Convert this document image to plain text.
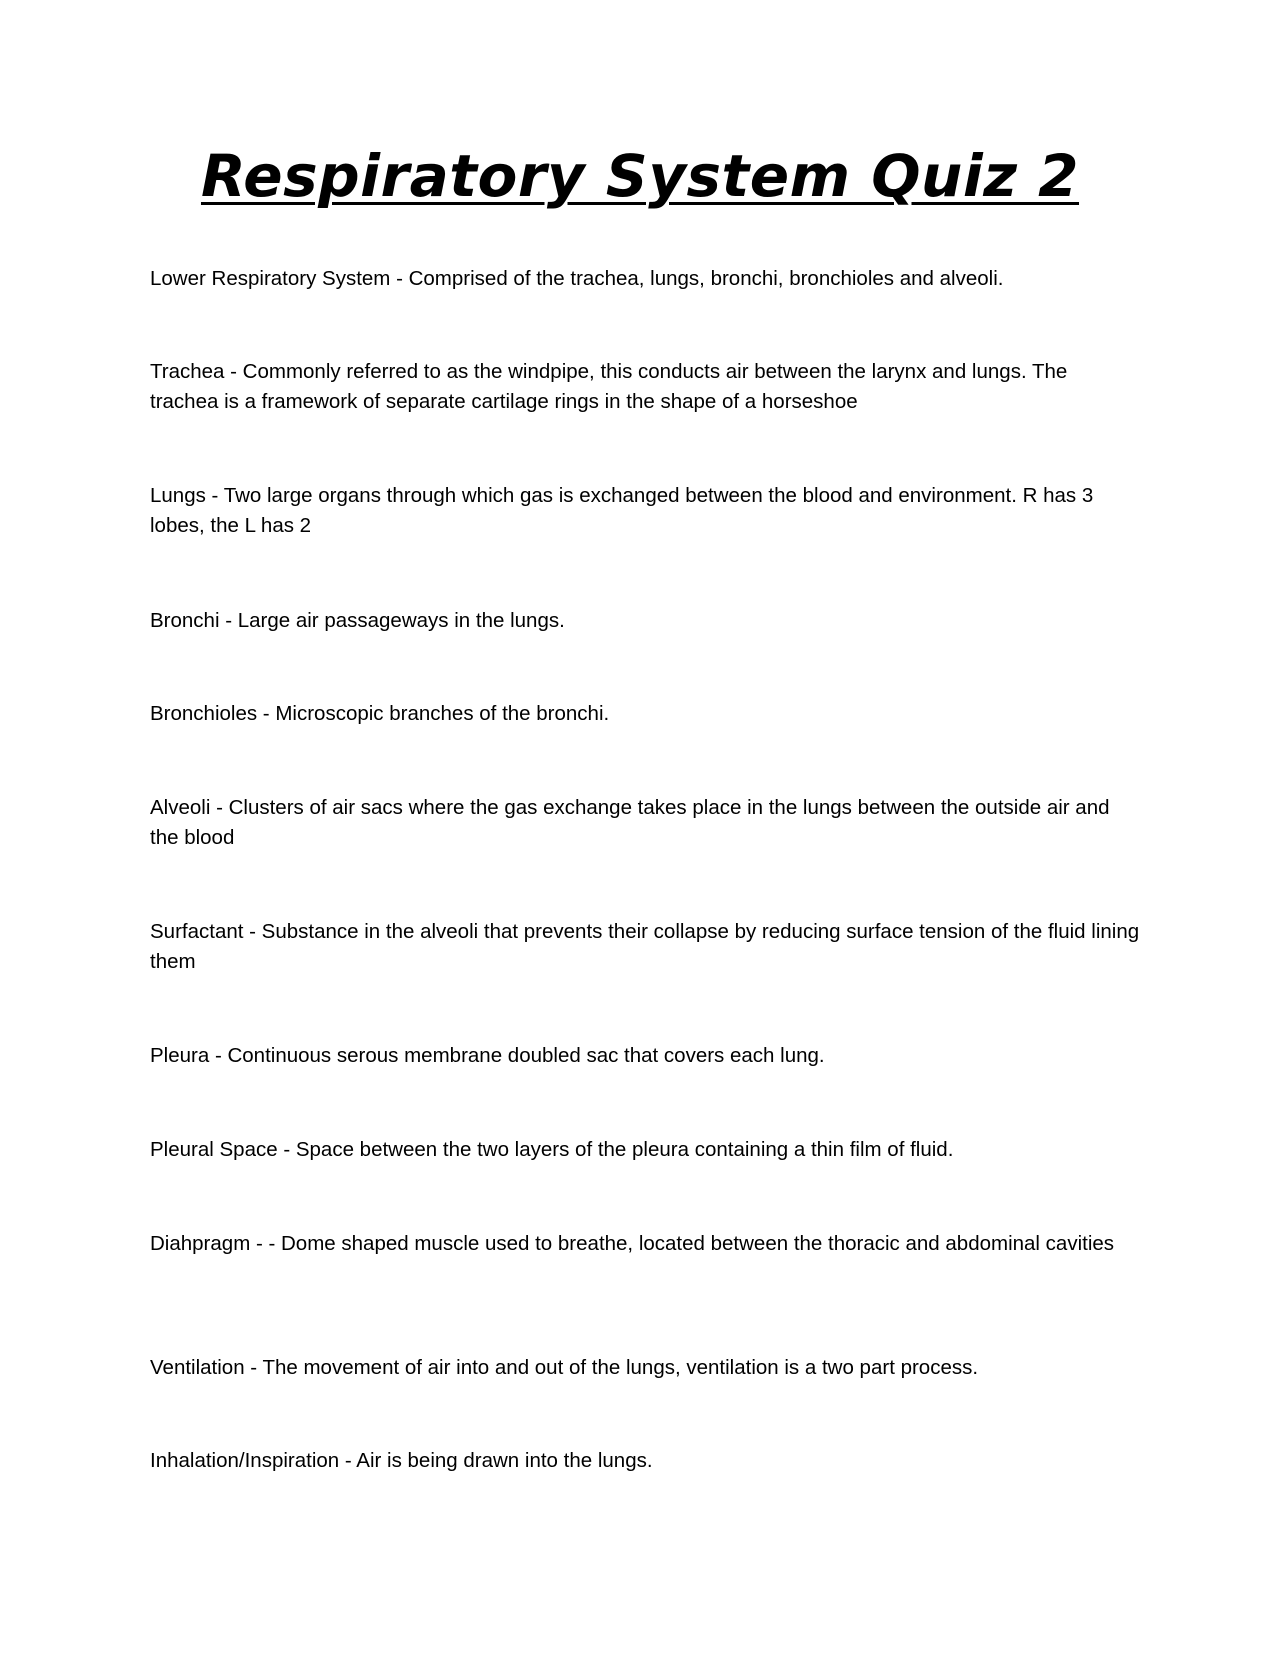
Respiratory System Quiz 2
Lower Respiratory System - Comprised of the trachea, lungs, bronchi, bronchioles and alveoli.
Trachea - Commonly referred to as the windpipe, this conducts air between the larynx and lungs. The trachea is a framework of separate cartilage rings in the shape of a horseshoe
Lungs - Two large organs through which gas is exchanged between the blood and environment. R has 3 lobes, the L has 2
Bronchi - Large air passageways in the lungs.
Bronchioles - Microscopic branches of the bronchi.
Alveoli - Clusters of air sacs where the gas exchange takes place in the lungs between the outside air and the blood
Surfactant - Substance in the alveoli that prevents their collapse by reducing surface tension of the fluid lining them
Pleura - Continuous serous membrane doubled sac that covers each lung.
Pleural Space - Space between the two layers of the pleura containing a thin film of fluid.
Diahpragm - - Dome shaped muscle used to breathe, located between the thoracic and abdominal cavities
Ventilation - The movement of air into and out of the lungs, ventilation is a two part process.
Inhalation/Inspiration - Air is being drawn into the lungs.
